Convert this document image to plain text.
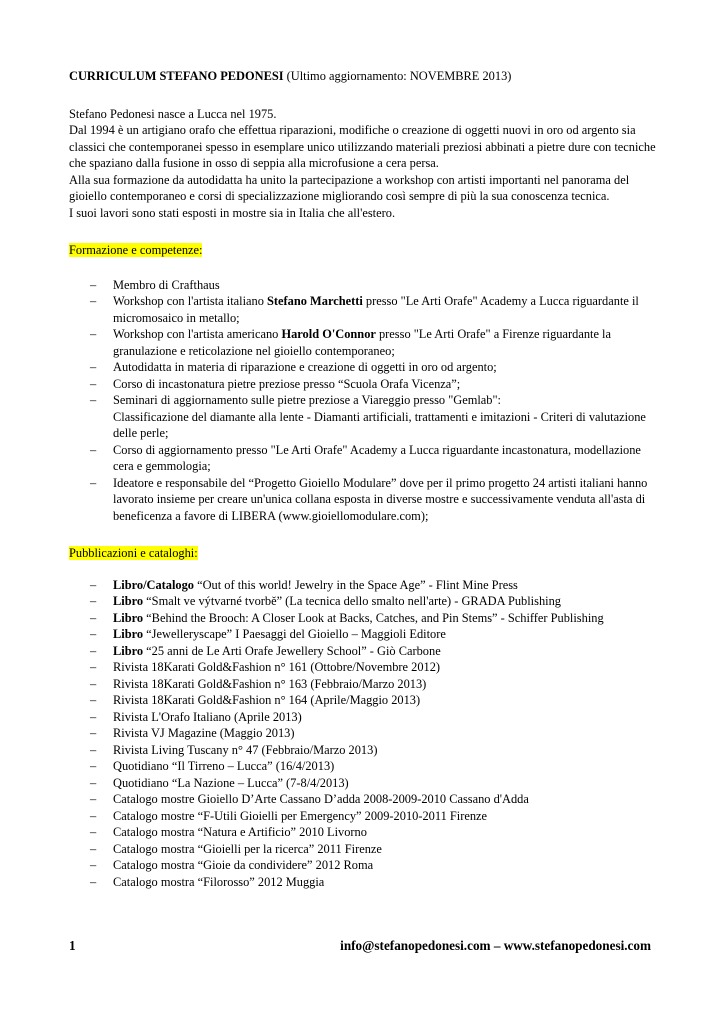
CURRICULUM STEFANO PEDONESI (Ultimo aggiornamento: NOVEMBRE 2013)
Stefano Pedonesi nasce a Lucca nel 1975.
Dal 1994 è un artigiano orafo che effettua riparazioni, modifiche o creazione di oggetti nuovi in oro od argento sia classici che contemporanei spesso in esemplare unico utilizzando materiali preziosi abbinati a pietre dure con tecniche che spaziano dalla fusione in osso di seppia alla microfusione a cera persa.
Alla sua formazione da autodidatta ha unito la partecipazione a workshop con artisti importanti nel panorama del gioiello contemporaneo e corsi di specializzazione migliorando così sempre di più la sua conoscenza tecnica.
I suoi lavori sono stati esposti in mostre sia in Italia che all'estero.
Formazione e competenze:
– Membro di Crafthaus
– Workshop con l'artista italiano Stefano Marchetti presso "Le Arti Orafe" Academy a Lucca riguardante il micromosaico in metallo;
– Workshop con l'artista americano Harold O'Connor presso "Le Arti Orafe" a Firenze riguardante la granulazione e reticolazione nel gioiello contemporaneo;
– Autodidatta in materia di riparazione e creazione di oggetti in oro od argento;
– Corso di incastonatura pietre preziose presso “Scuola Orafa Vicenza”;
– Seminari di aggiornamento sulle pietre preziose a Viareggio presso "Gemlab":
Classificazione del diamante alla lente - Diamanti artificiali, trattamenti e imitazioni - Criteri di valutazione delle perle;
– Corso di aggiornamento presso "Le Arti Orafe" Academy a Lucca riguardante incastonatura, modellazione cera e gemmologia;
– Ideatore e responsabile del “Progetto Gioiello Modulare” dove per il primo progetto 24 artisti italiani hanno lavorato insieme per creare un'unica collana esposta in diverse mostre e successivamente venduta all'asta di beneficenza a favore di LIBERA (www.gioiellomodulare.com);
Pubblicazioni e cataloghi:
– Libro/Catalogo “Out of this world! Jewelry in the Space Age” - Flint Mine Press
– Libro “Smalt ve výtvarné tvorbě” (La tecnica dello smalto nell'arte) - GRADA Publishing
– Libro “Behind the Brooch: A Closer Look at Backs, Catches, and Pin Stems” - Schiffer Publishing
– Libro “Jewelleryscape” I Paesaggi del Gioiello – Maggioli Editore
– Libro “25 anni de Le Arti Orafe Jewellery School” - Giò Carbone
– Rivista 18Karati Gold&Fashion n° 161 (Ottobre/Novembre 2012)
– Rivista 18Karati Gold&Fashion n° 163 (Febbraio/Marzo 2013)
– Rivista 18Karati Gold&Fashion n° 164 (Aprile/Maggio 2013)
– Rivista L'Orafo Italiano (Aprile 2013)
– Rivista VJ Magazine (Maggio 2013)
– Rivista Living Tuscany n° 47 (Febbraio/Marzo 2013)
– Quotidiano “Il Tirreno – Lucca” (16/4/2013)
– Quotidiano “La Nazione – Lucca” (7-8/4/2013)
– Catalogo mostre Gioiello D’Arte Cassano D’adda 2008-2009-2010 Cassano d'Adda
– Catalogo mostre “F-Utili Gioielli per Emergency” 2009-2010-2011 Firenze
– Catalogo mostra “Natura e Artificio” 2010 Livorno
– Catalogo mostra “Gioielli per la ricerca” 2011 Firenze
– Catalogo mostra “Gioie da condividere” 2012 Roma
– Catalogo mostra “Filorosso” 2012 Muggia
1	info@stefanopedonesi.com – www.stefanopedonesi.com
